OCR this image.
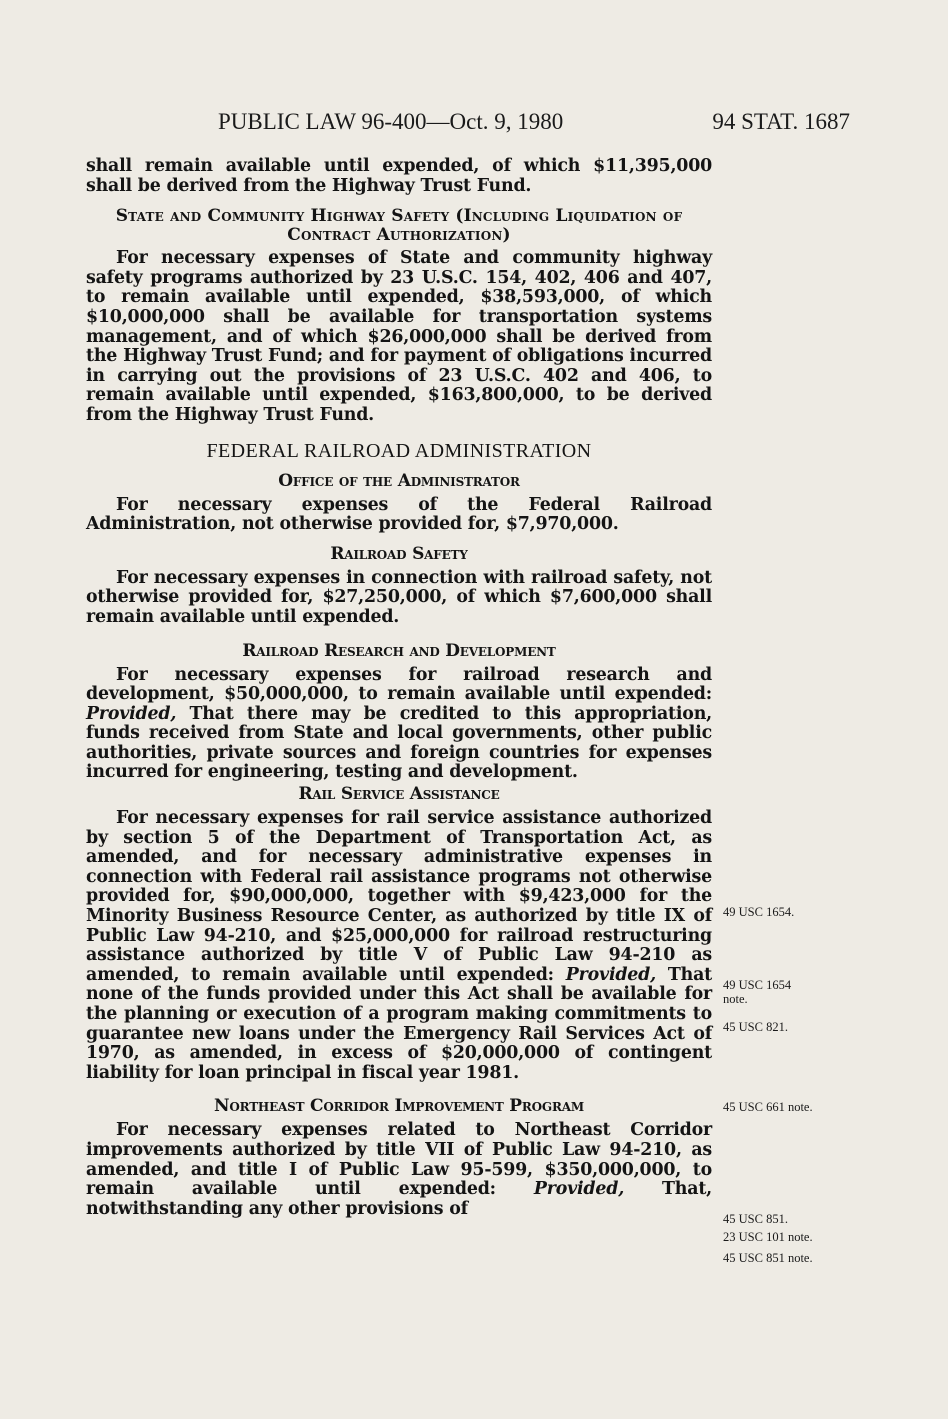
PUBLIC LAW 96-400—Oct. 9, 1980	94 STAT. 1687

shall remain available until expended, of which $11,395,000 shall be derived from the Highway Trust Fund.

State and Community Highway Safety (Including Liquidation of Contract Authorization)

For necessary expenses of State and community highway safety programs authorized by 23 U.S.C. 154, 402, 406 and 407, to remain available until expended, $38,593,000, of which $10,000,000 shall be available for transportation systems management, and of which $26,000,000 shall be derived from the Highway Trust Fund; and for payment of obligations incurred in carrying out the provisions of 23 U.S.C. 402 and 406, to remain available until expended, $163,800,000, to be derived from the Highway Trust Fund.

FEDERAL RAILROAD ADMINISTRATION
Office of the Administrator

For necessary expenses of the Federal Railroad Administration, not otherwise provided for, $7,970,000.

Railroad Safety

For necessary expenses in connection with railroad safety, not otherwise provided for, $27,250,000, of which $7,600,000 shall remain available until expended.

Railroad Research and Development

For necessary expenses for railroad research and development, $50,000,000, to remain available until expended: Provided, That there may be credited to this appropriation, funds received from State and local governments, other public authorities, private sources and foreign countries for expenses incurred for engineering, testing and development.

Rail Service Assistance

For necessary expenses for rail service assistance authorized by section 5 of the Department of Transportation Act, as amended, and for necessary administrative expenses in connection with Federal rail assistance programs not otherwise provided for, $90,000,000, together with $9,423,000 for the Minority Business Resource Center, as authorized by title IX of Public Law 94-210, and $25,000,000 for railroad restructuring assistance authorized by title V of Public Law 94-210 as amended, to remain available until expended: Provided, That none of the funds provided under this Act shall be available for the planning or execution of a program making commitments to guarantee new loans under the Emergency Rail Services Act of 1970, as amended, in excess of $20,000,000 of contingent liability for loan principal in fiscal year 1981.

Northeast Corridor Improvement Program

For necessary expenses related to Northeast Corridor improvements authorized by title VII of Public Law 94-210, as amended, and title I of Public Law 95-599, $350,000,000, to remain available until expended: Provided, That, notwithstanding any other provisions of

49 USC 1654.
49 USC 1654
note.
45 USC 821.
45 USC 661 note.
45 USC 851.
23 USC 101 note.
45 USC 851 note.
